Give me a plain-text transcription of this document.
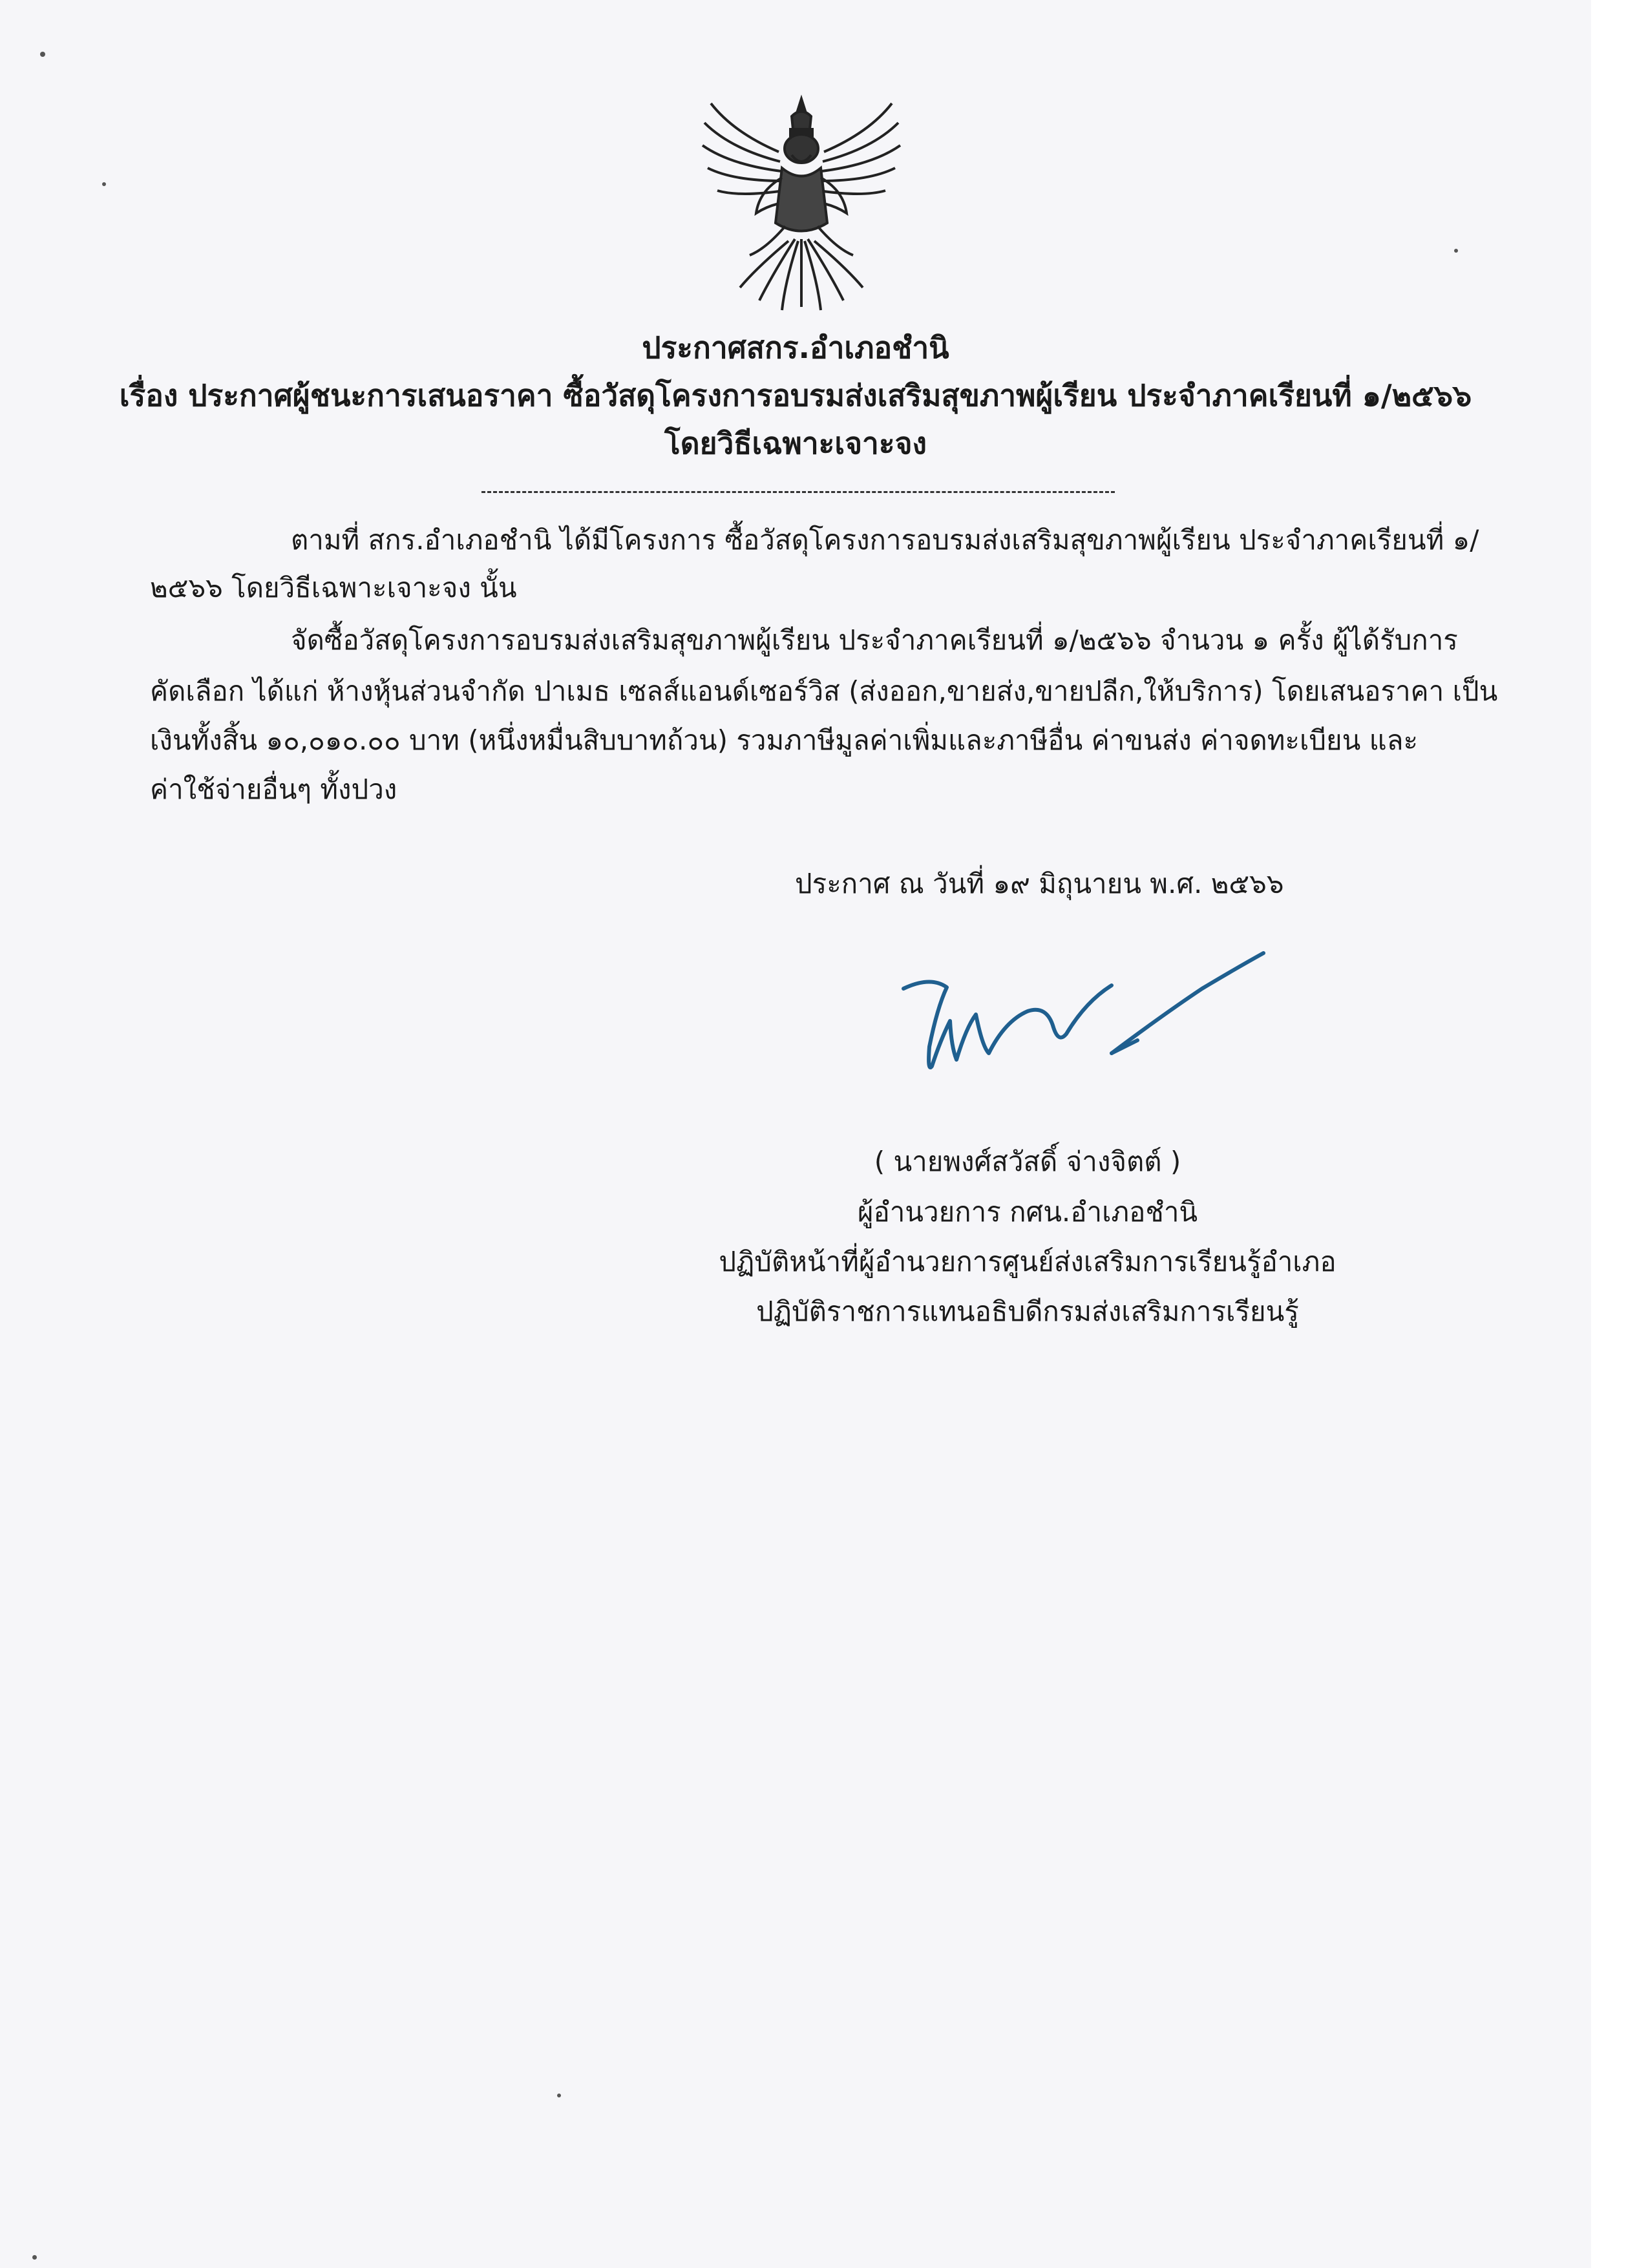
ประกาศสกร.อำเภอชำนิ
เรื่อง ประกาศผู้ชนะการเสนอราคา ซื้อวัสดุโครงการอบรมส่งเสริมสุขภาพผู้เรียน ประจำภาคเรียนที่ ๑/๒๕๖๖
โดยวิธีเฉพาะเจาะจง
ตามที่ สกร.อำเภอชำนิ ได้มีโครงการ ซื้อวัสดุโครงการอบรมส่งเสริมสุขภาพผู้เรียน ประจำภาคเรียนที่ ๑/
๒๕๖๖ โดยวิธีเฉพาะเจาะจง นั้น
จัดซื้อวัสดุโครงการอบรมส่งเสริมสุขภาพผู้เรียน ประจำภาคเรียนที่ ๑/๒๕๖๖ จำนวน ๑ ครั้ง ผู้ได้รับการ
คัดเลือก ได้แก่ ห้างหุ้นส่วนจำกัด ปาเมธ เซลส์แอนด์เซอร์วิส (ส่งออก,ขายส่ง,ขายปลีก,ให้บริการ) โดยเสนอราคา เป็น
เงินทั้งสิ้น ๑๐,๐๑๐.๐๐ บาท (หนึ่งหมื่นสิบบาทถ้วน) รวมภาษีมูลค่าเพิ่มและภาษีอื่น ค่าขนส่ง ค่าจดทะเบียน และ
ค่าใช้จ่ายอื่นๆ ทั้งปวง
ประกาศ ณ วันที่ ๑๙ มิถุนายน พ.ศ. ๒๕๖๖
( นายพงศ์สวัสดิ์ จ่างจิตต์ )
ผู้อำนวยการ กศน.อำเภอชำนิ
ปฏิบัติหน้าที่ผู้อำนวยการศูนย์ส่งเสริมการเรียนรู้อำเภอ
ปฏิบัติราชการแทนอธิบดีกรมส่งเสริมการเรียนรู้
